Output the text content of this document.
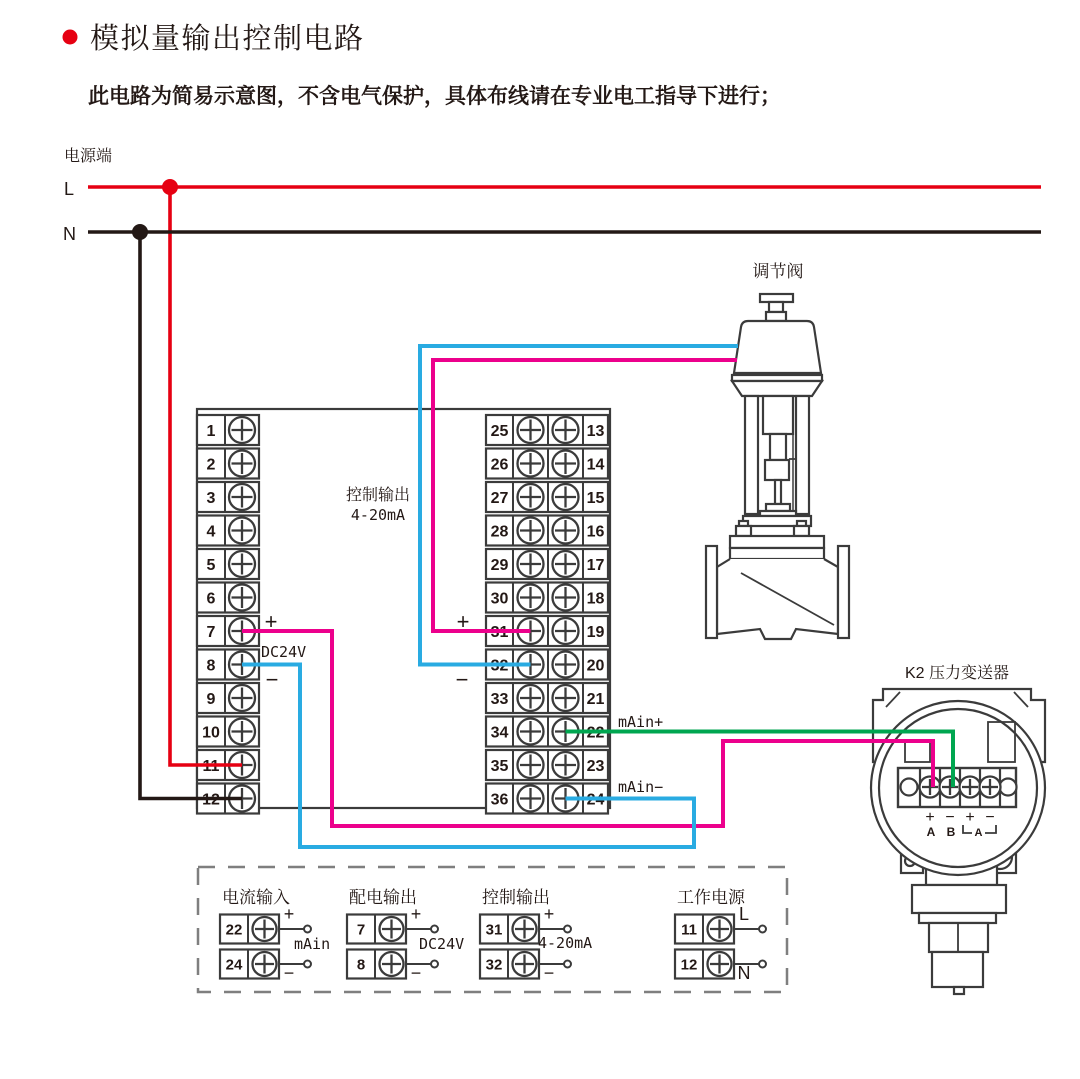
模拟量输出控制电路
此电路为简易示意图，不含电气保护，具体布线请在专业电工指导下进行；
电源端
L
N
1
2
3
4
5
6
7
8
9
10
11
12
25	13
26	14
27	15
28	16
29	17
30	18
31	19
32	20
33	21
34	22
35	23
36	24
控制输出
4-20mA
+
DC24V
−
+
−
mAin+
mAin−
调节阀
K2 压力变送器
+ − + −
A B A
电流输入
22
+
24 −
mAin
配电输出
7
+
8	−
DC24V
控制输出
31
+
32 −
4-20mA
工作电源
11
L
12 N
